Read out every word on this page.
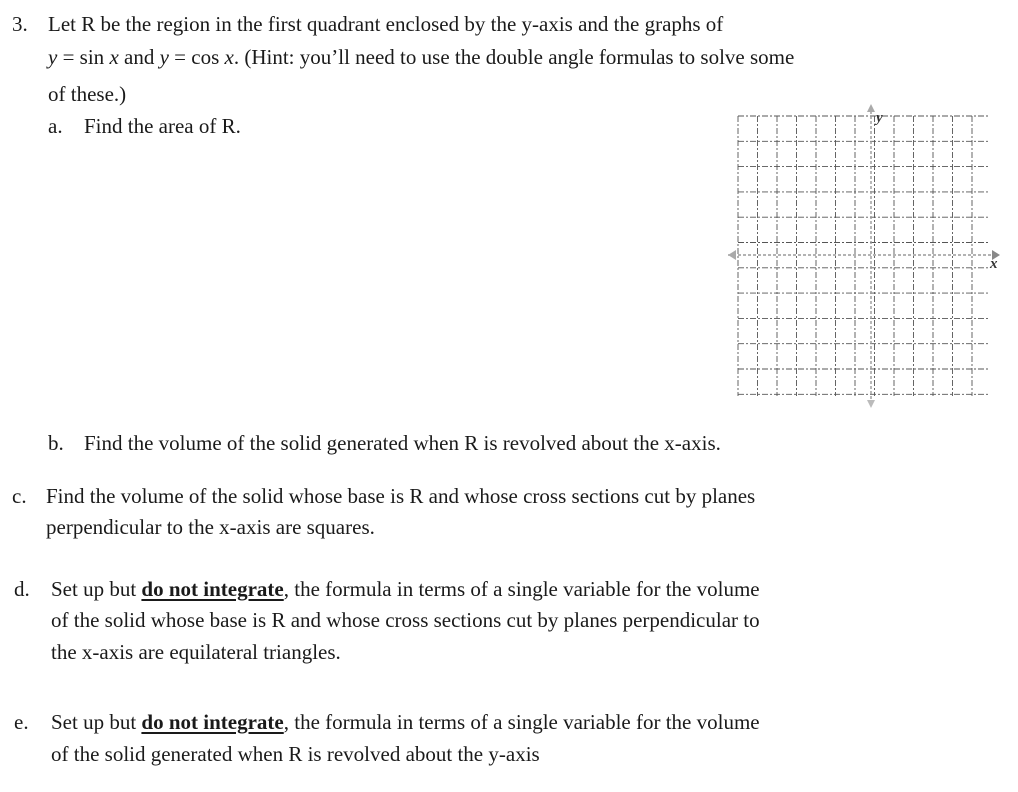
3. Let R be the region in the first quadrant enclosed by the y-axis and the graphs of
y = sin x and y = cos x. (Hint: you’ll need to use the double angle formulas to solve some
of these.)
a. Find the area of R.	y
x
b. Find the volume of the solid generated when R is revolved about the x-axis.
c. Find the volume of the solid whose base is R and whose cross sections cut by planes
perpendicular to the x-axis are squares.
d. Set up but do not integrate, the formula in terms of a single variable for the volume
of the solid whose base is R and whose cross sections cut by planes perpendicular to
the x-axis are equilateral triangles.
e. Set up but do not integrate, the formula in terms of a single variable for the volume
of the solid generated when R is revolved about the y-axis
